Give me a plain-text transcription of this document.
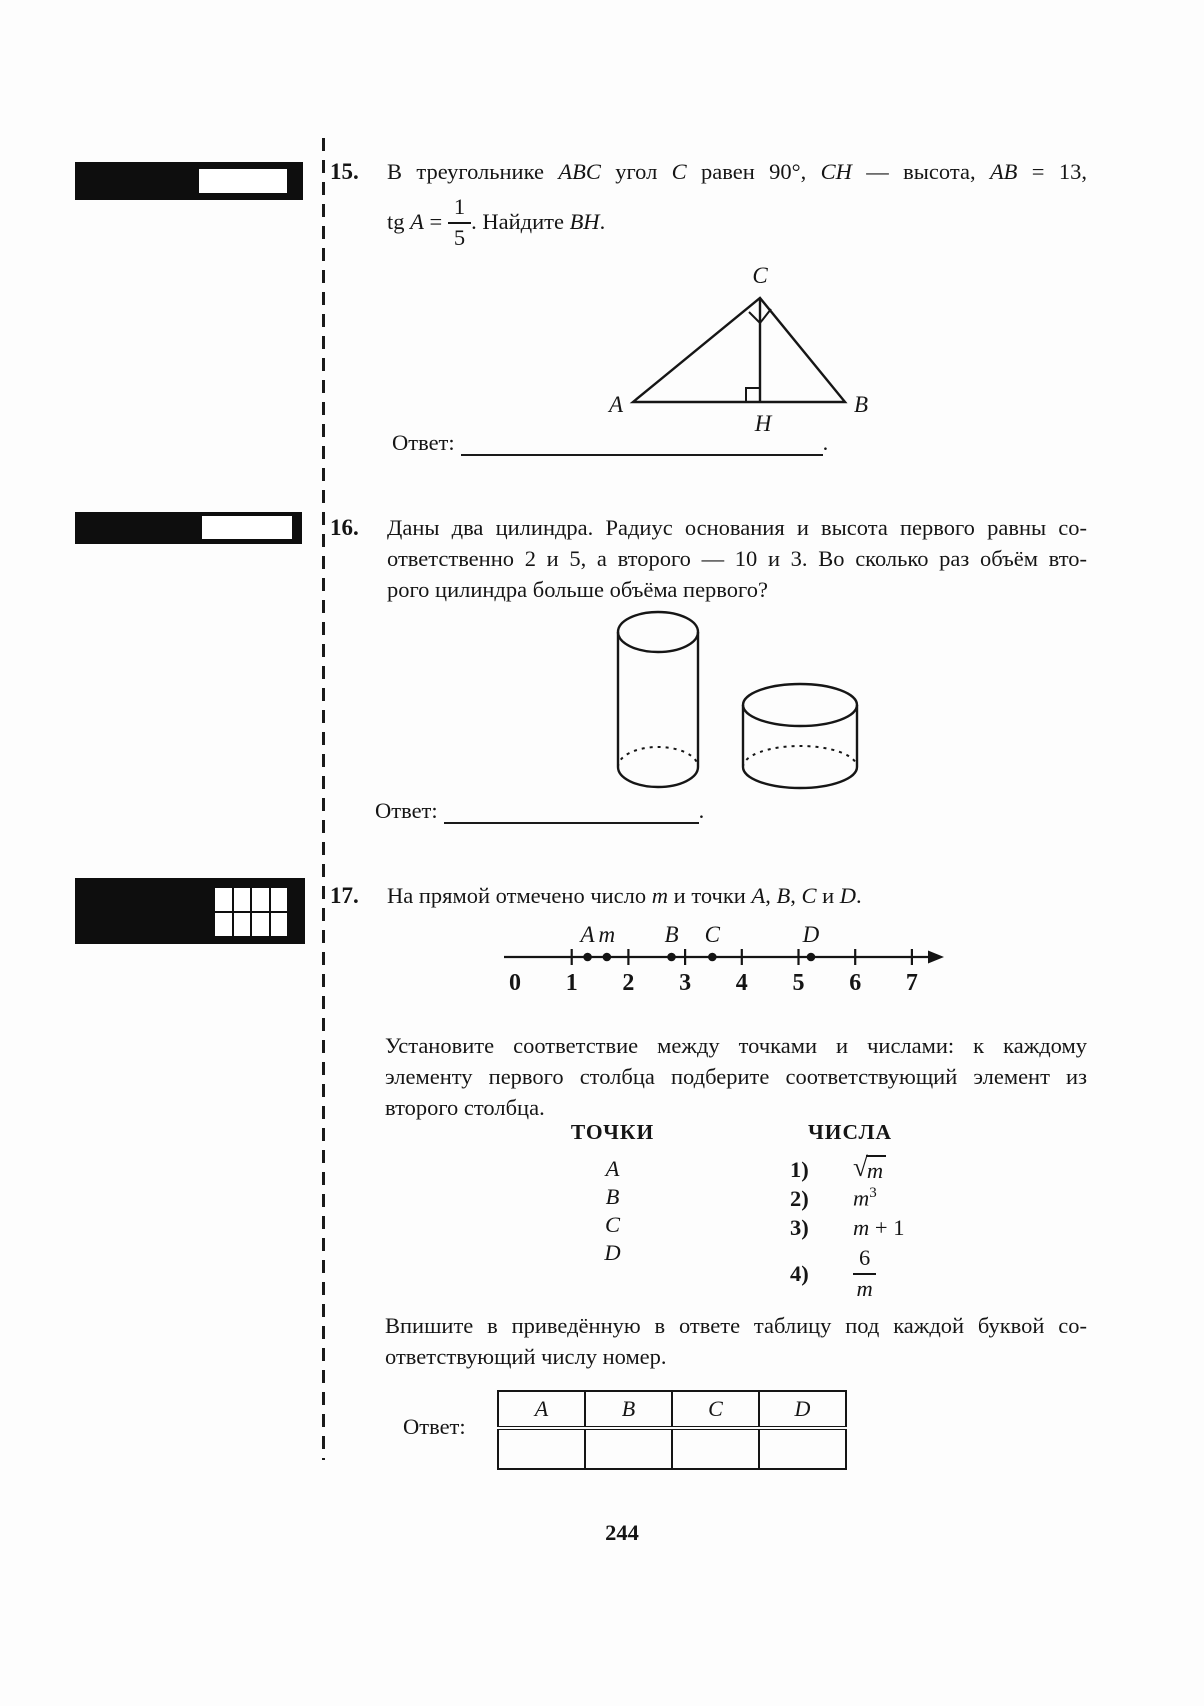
15. В треугольнике ABC угол C равен 90°, CH — высота, AB = 13,
tg $A = \frac{1}{5}$ . Найдите BH.
C
A	B
H
Ответ:	.
16. Даны два цилиндра. Радиус основания и высота первого равны со-
ответственно 2 и 5, а второго — 10 и 3. Во сколько раз объём вто-
рого цилиндра больше объёма первого?
Ответ:	.
17. На прямой отмечено число m и точки A, B, C и D.
0 1 2 3 4 5 6 7
A m B C	D
Установите соответствие между точками и числами: к каждому
элементу первого столбца подберите соответствующий элемент из
второго столбца.
ТОЧКИ
A
B
C
D
ЧИСЛА
1)	√ m
2)	$m^3$
3)	m + 1
4)	$\frac{6}{m}$
Впишите в приведённую в ответе таблицу под каждой буквой со-
ответствующий числу номер.
Ответ:
A	B	C	D

244
